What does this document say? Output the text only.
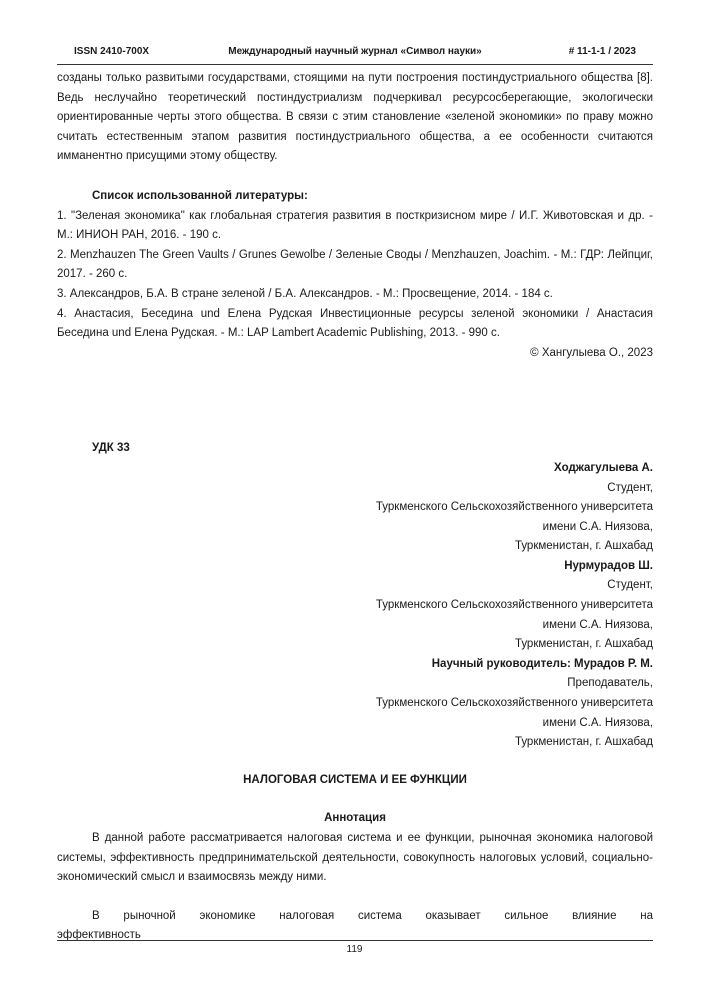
ISSN 2410-700X	Международный научный журнал «Символ науки»	# 11-1-1 / 2023

созданы только развитыми государствами, стоящими на пути построения постиндустриального общества [8]. Ведь неслучайно теоретический постиндустриализм подчеркивал ресурсосберегающие, экологически ориентированные черты этого общества. В связи с этим становление «зеленой экономики» по праву можно считать естественным этапом развития постиндустриального общества, а ее особенности считаются имманентно присущими этому обществу.

Список использованной литературы:

1. "Зеленая экономика" как глобальная стратегия развития в посткризисном мире / И.Г. Животовская и др. - М.: ИНИОН РАН, 2016. - 190 с.
2. Menzhauzen The Green Vaults / Grunes Gewolbe / Зеленые Своды / Menzhauzen, Joachim. - М.: ГДР: Лейпциг, 2017. - 260 с.
3. Александров, Б.А. В стране зеленой / Б.А. Александров. - М.: Просвещение, 2014. - 184 с.
4. Анастасия, Беседина und Елена Рудская Инвестиционные ресурсы зеленой экономики / Анастасия Беседина und Елена Рудская. - М.: LAP Lambert Academic Publishing, 2013. - 990 с.

© Хангулыева О., 2023

УДК 33

Ходжагулыева А.

Студент,

Туркменского Сельскохозяйственного университета

имени С.А. Ниязова,

Туркменистан, г. Ашхабад

Нурмурадов Ш.

Студент,

Туркменского Сельскохозяйственного университета

имени С.А. Ниязова,

Туркменистан, г. Ашхабад

Научный руководитель: Мурадов Р. М.

Преподаватель,

Туркменского Сельскохозяйственного университета

имени С.А. Ниязова,

Туркменистан, г. Ашхабад

НАЛОГОВАЯ СИСТЕМА И ЕЕ ФУНКЦИИ

Аннотация

В данной работе рассматривается налоговая система и ее функции, рыночная экономика налоговой системы, эффективность предпринимательской деятельности, совокупность налоговых условий, социально-экономический смысл и взаимосвязь между ними.

В рыночной экономике налоговая система оказывает сильное влияние на эффективность

119
